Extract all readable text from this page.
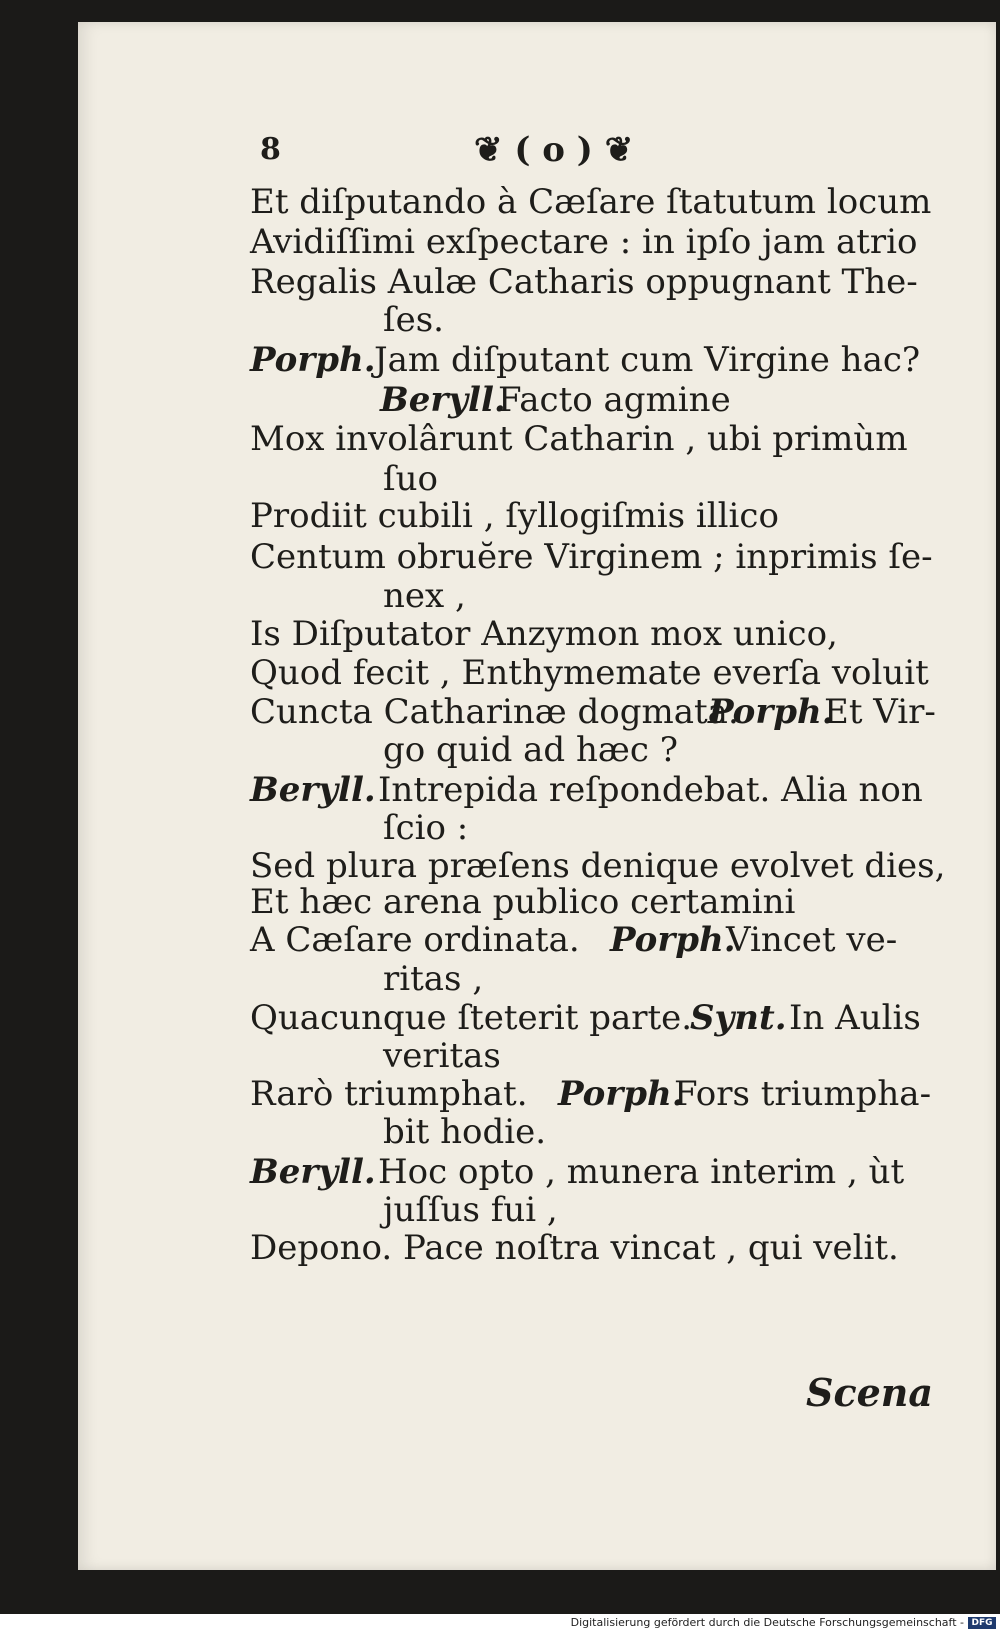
8	❦ ( o ) ❦
Et diſputando à Cæſare ſtatutum locum
Avidiſſimi exſpectare : in ipſo jam atrio
Regalis Aulæ Catharis oppugnant The-
ſes.
Porph.
Jam diſputant cum Virgine hac?
Beryll.
Facto agmine
Mox involârunt Catharin , ubi primùm
ſuo
Prodiit cubili , ſyllogiſmis illico
Centum obruĕre Virginem ; inprimis ſe-
nex ,
Is Diſputator Anzymon mox unico,
Quod fecit , Enthymemate everſa voluit
Cuncta Catharinæ dogmata.
Porph.
Et Vir-
go quid ad hæc ?
Beryll. Intrepida reſpondebat. Alia non
ſcio :
Sed plura præſens denique evolvet dies,
Et hæc arena publico certamini
A Cæſare ordinata. Porph.
Vincet ve-
ritas ,
Quacunque ſteterit parte.
Synt. In Aulis
veritas
Rarò triumphat. Porph.
Fors triumpha-
bit hodie.
Beryll. Hoc opto , munera interim , ùt
juſſus fui ,
Depono. Pace noſtra vincat , qui velit.
Scena
Digitalisierung gefördert durch die Deutsche Forschungsgemeinschaft - DFG
